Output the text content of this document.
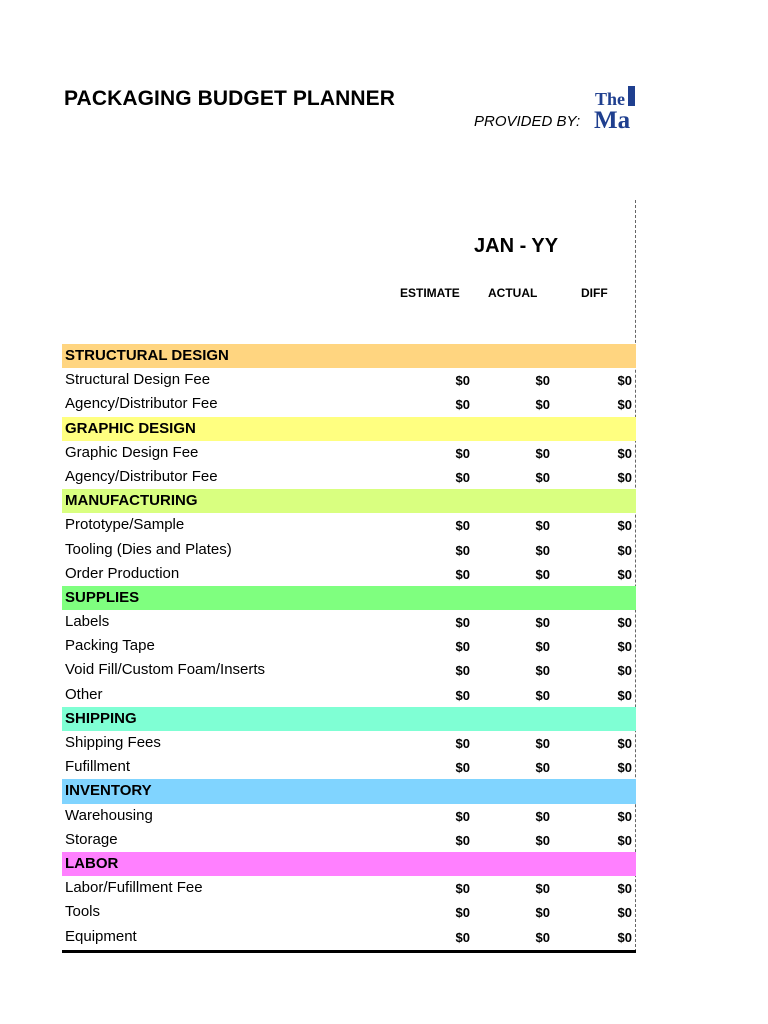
PACKAGING BUDGET PLANNER
PROVIDED BY:
The
Ma
JAN - YY
ESTIMATE ACTUAL	DIFF
STRUCTURAL DESIGN
Structural Design Fee	$0	$0	$0
Agency/Distributor Fee	$0	$0	$0
GRAPHIC DESIGN
Graphic Design Fee	$0	$0	$0
Agency/Distributor Fee	$0	$0	$0
MANUFACTURING
Prototype/Sample	$0	$0	$0
Tooling (Dies and Plates)	$0	$0	$0
Order Production	$0	$0	$0
SUPPLIES
Labels	$0	$0	$0
Packing Tape	$0	$0	$0
Void Fill/Custom Foam/Inserts	$0	$0	$0
Other	$0	$0	$0
SHIPPING
Shipping Fees	$0	$0	$0
Fufillment	$0	$0	$0
INVENTORY
Warehousing	$0	$0	$0
Storage	$0	$0	$0
LABOR
Labor/Fufillment Fee	$0	$0	$0
Tools	$0	$0	$0
Equipment	$0	$0	$0
